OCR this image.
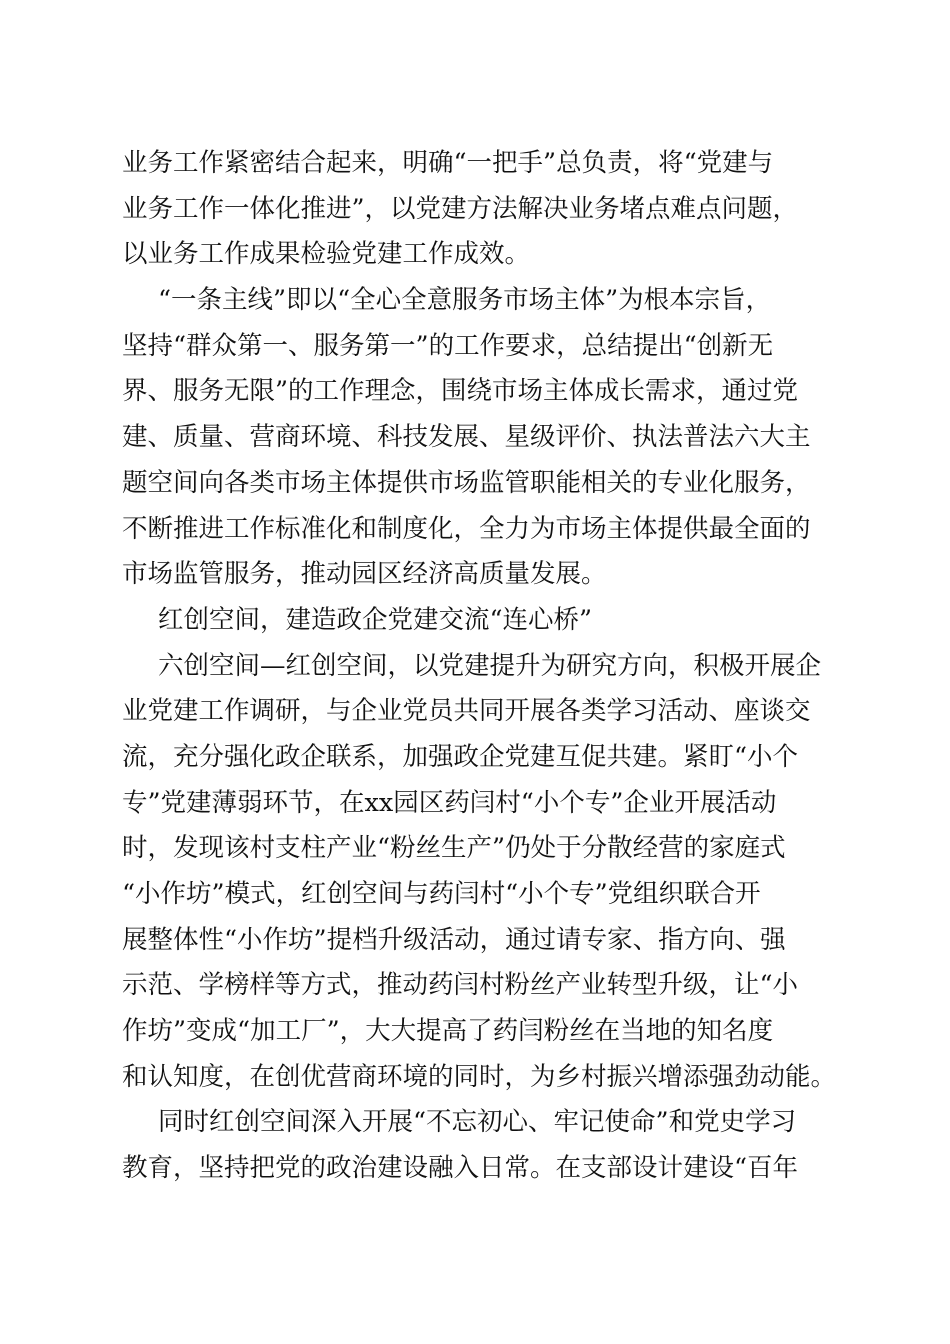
业务工作紧密结合起来，明确“一把手”总负责，将“党建与
业务工作一体化推进”，以党建方法解决业务堵点难点问题，
以业务工作成果检验党建工作成效。
“一条主线”即以“全心全意服务市场主体”为根本宗旨，
坚持“群众第一、服务第一”的工作要求，总结提出“创新无
界、服务无限”的工作理念，围绕市场主体成长需求，通过党
建、质量、营商环境、科技发展、星级评价、执法普法六大主
题空间向各类市场主体提供市场监管职能相关的专业化服务，
不断推进工作标准化和制度化，全力为市场主体提供最全面的
市场监管服务，推动园区经济高质量发展。
红创空间，建造政企党建交流“连心桥”
六创空间—红创空间，以党建提升为研究方向，积极开展企
业党建工作调研，与企业党员共同开展各类学习活动、座谈交
流，充分强化政企联系，加强政企党建互促共建。紧盯“小个
专”党建薄弱环节，在xx园区药闫村“小个专”企业开展活动
时，发现该村支柱产业“粉丝生产”仍处于分散经营的家庭式
“小作坊”模式，红创空间与药闫村“小个专”党组织联合开
展整体性“小作坊”提档升级活动，通过请专家、指方向、强
示范、学榜样等方式，推动药闫村粉丝产业转型升级，让“小
作坊”变成“加工厂”，大大提高了药闫粉丝在当地的知名度
和认知度，在创优营商环境的同时，为乡村振兴增添强劲动能。
同时红创空间深入开展“不忘初心、牢记使命”和党史学习
教育，坚持把党的政治建设融入日常。在支部设计建设“百年
